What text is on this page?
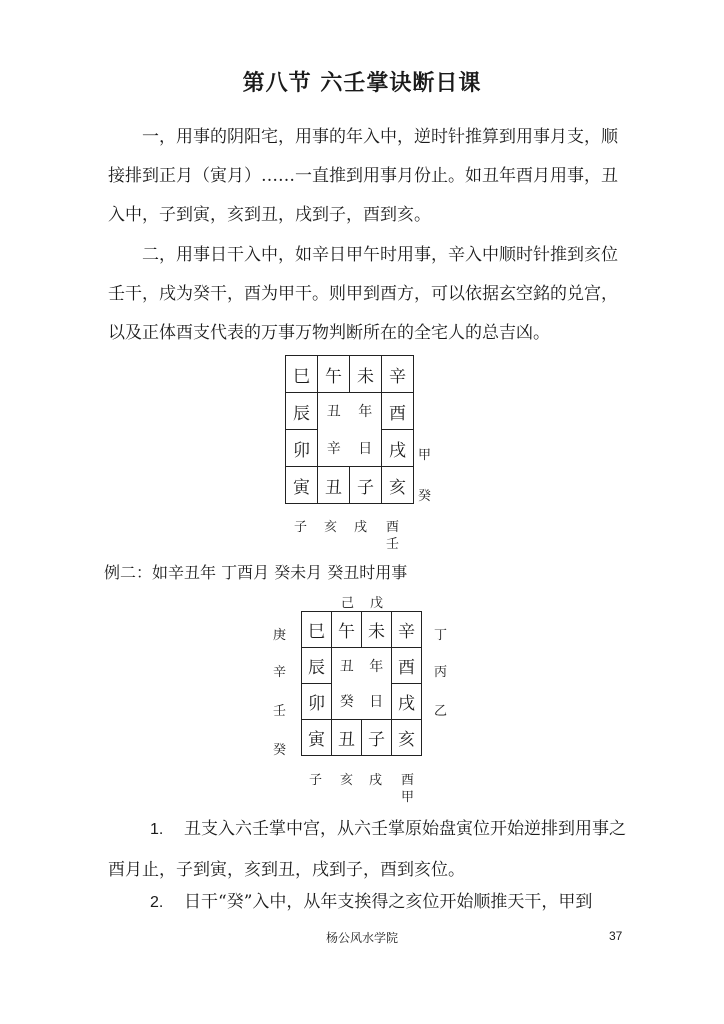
第八节 六壬掌诀断日课

一，用事的阴阳宅，用事的年入中，逆时针推算到用事月支，顺接排到正月（寅月）……一直推到用事月份止。如丑年酉月用事，丑入中，子到寅，亥到丑，戌到子，酉到亥。

二，用事日干入中，如辛日甲午时用事，辛入中顺时针推到亥位壬干，戌为癸干，酉为甲干。则甲到酉方，可以依据玄空銘的兑宫，以及正体酉支代表的万事万物判断所在的全宅人的总吉凶。

巳	午	未	辛
辰	丑	年	酉
卯	辛	日	戌
寅	丑	子	亥
甲
癸
子 亥 戌 酉
壬
例二：如辛丑年 丁酉月 癸未月 癸丑时用事
己 戊
巳	午	未	辛
辰	丑	年	酉
卯	癸	日	戌
寅	丑	子	亥
庚
辛
壬
癸
丁
丙
乙
子 亥 戌 酉
甲

1. 丑支入六壬掌中宫，从六壬掌原始盘寅位开始逆排到用事之酉月止，子到寅，亥到丑，戌到子，酉到亥位。

2. 日干“癸”入中，从年支挨得之亥位开始顺推天干，甲到

杨公风水学院	37
